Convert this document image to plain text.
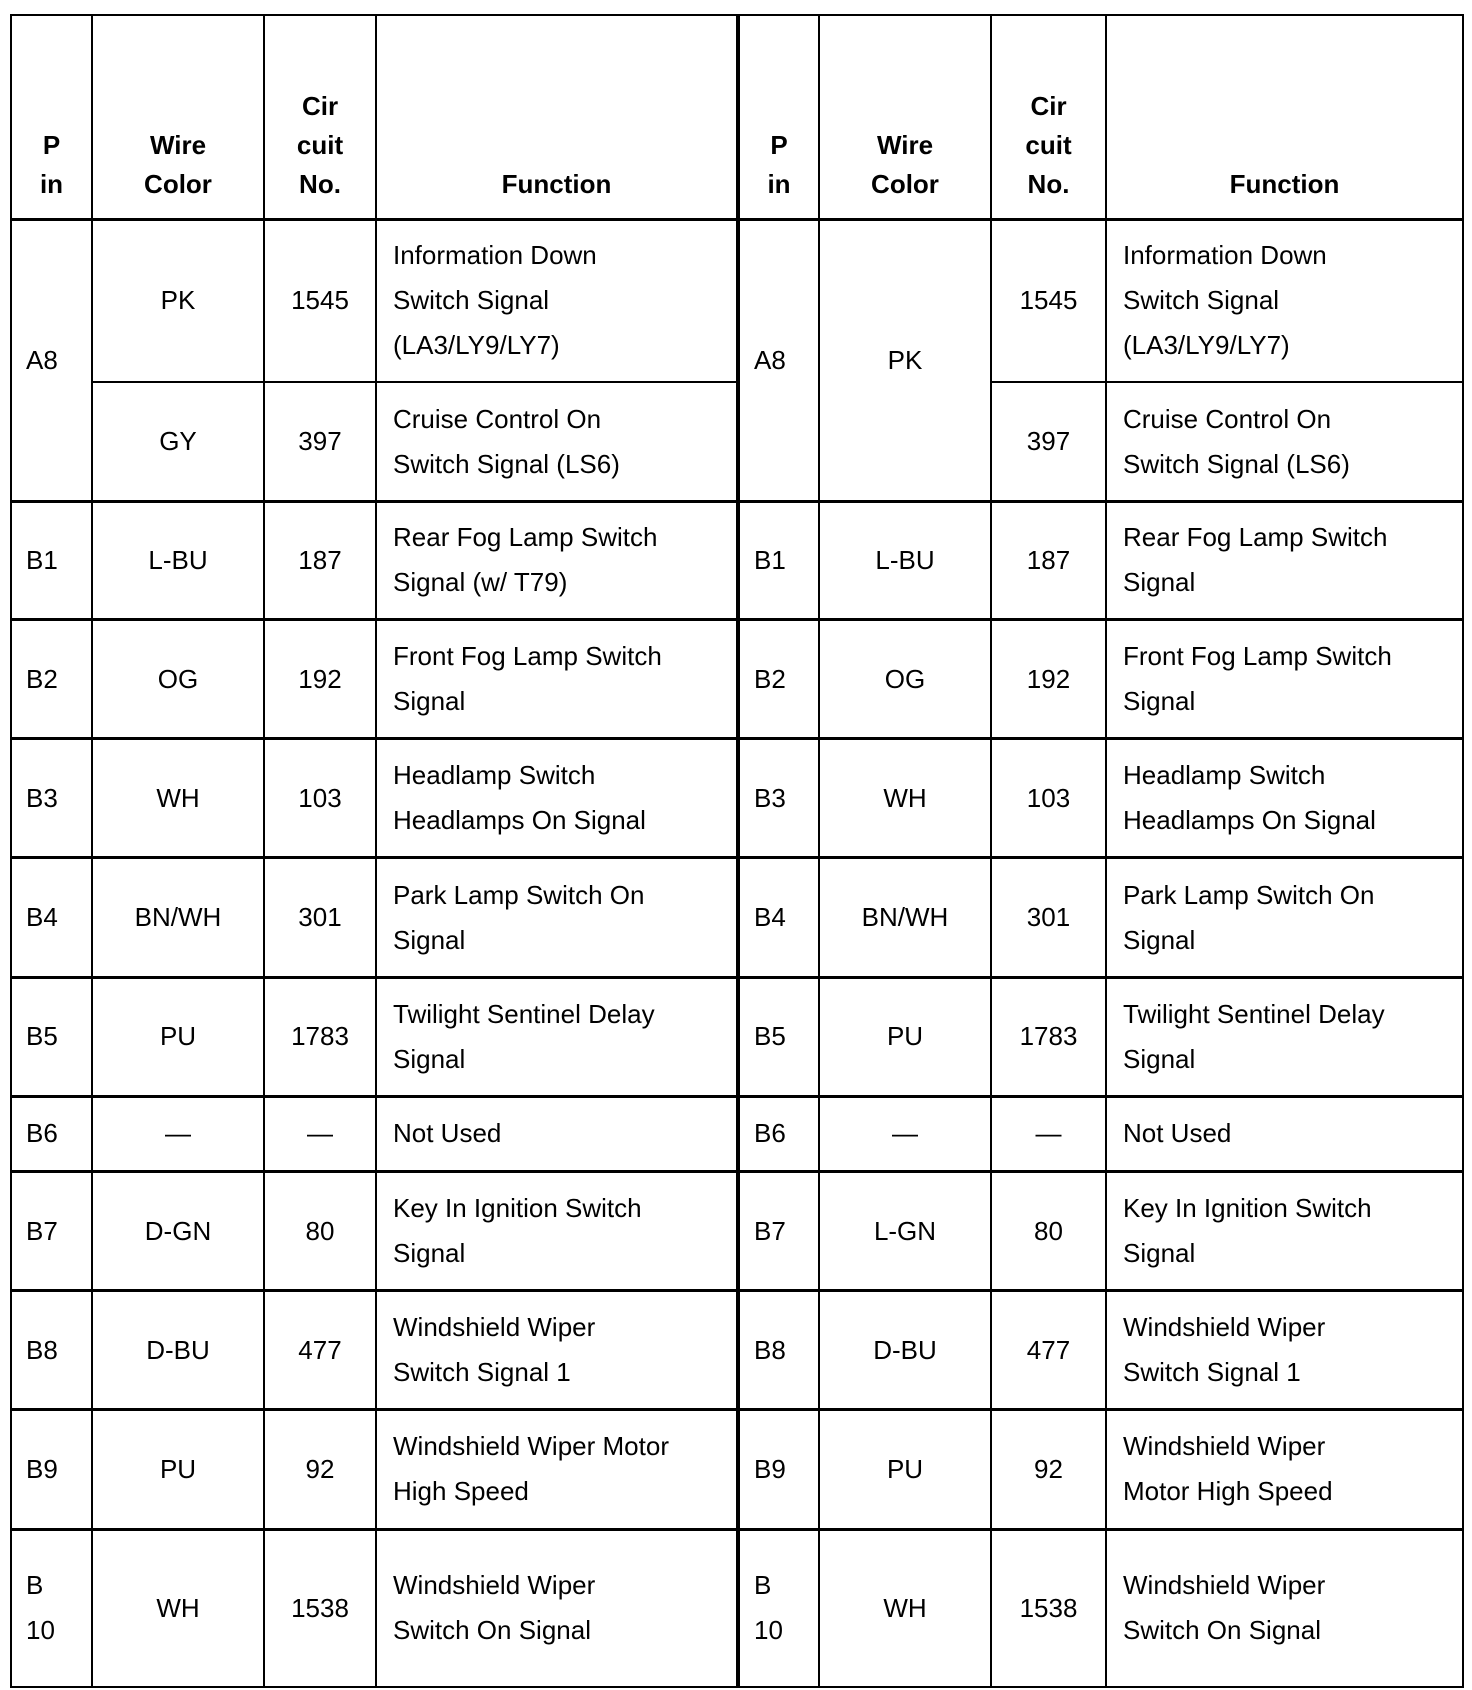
P
in	Wire
Color	Cir
cuit
No.	Function	P
in	Wire
Color	Cir
cuit
No.	Function
A8	PK	1545	Information Down
Switch Signal
(LA3/LY9/LY7)	A8	PK	1545	Information Down
Switch Signal
(LA3/LY9/LY7)
	GY	397	Cruise Control On
Switch Signal (LS6)			397	Cruise Control On
Switch Signal (LS6)
B1	L-BU	187	Rear Fog Lamp Switch
Signal (w/ T79)	B1	L-BU	187	Rear Fog Lamp Switch
Signal
B2	OG	192	Front Fog Lamp Switch
Signal	B2	OG	192	Front Fog Lamp Switch
Signal
B3	WH	103	Headlamp Switch
Headlamps On Signal	B3	WH	103	Headlamp Switch
Headlamps On Signal
B4	BN/WH	301	Park Lamp Switch On
Signal	B4	BN/WH	301	Park Lamp Switch On
Signal
B5	PU	1783	Twilight Sentinel Delay
Signal	B5	PU	1783	Twilight Sentinel Delay
Signal
B6	—	—	Not Used	B6	—	—	Not Used
B7	D-GN	80	Key In Ignition Switch
Signal	B7	L-GN	80	Key In Ignition Switch
Signal
B8	D-BU	477	Windshield Wiper
Switch Signal 1	B8	D-BU	477	Windshield Wiper
Switch Signal 1
B9	PU	92	Windshield Wiper Motor
High Speed	B9	PU	92	Windshield Wiper
Motor High Speed
B
10	WH	1538	Windshield Wiper
Switch On Signal	B
10	WH	1538	Windshield Wiper
Switch On Signal
